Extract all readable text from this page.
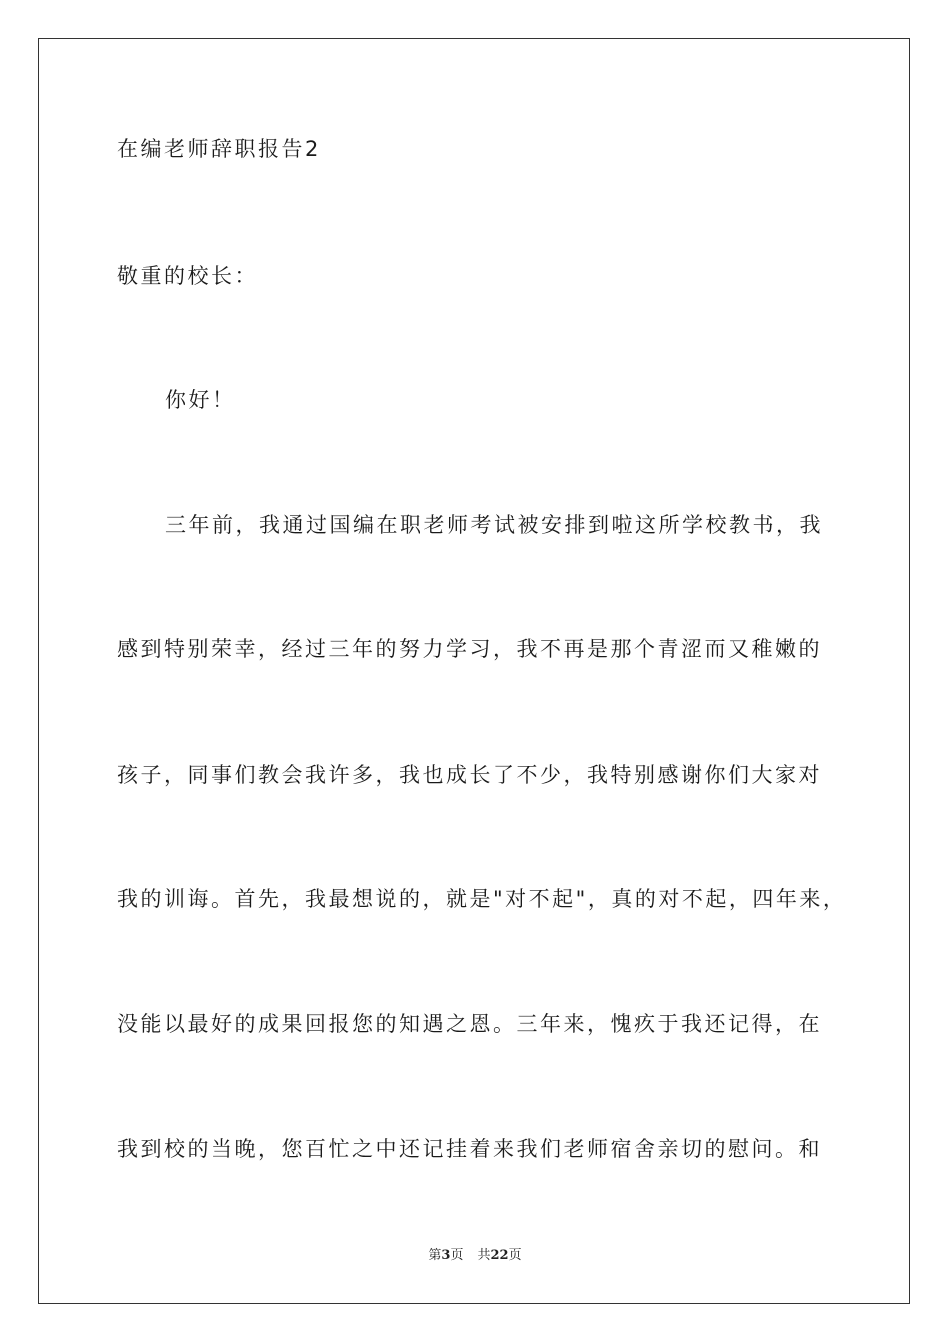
在编老师辞职报告2
敬重的校长：
你好！
三年前，我通过国编在职老师考试被安排到啦这所学校教书，我
感到特别荣幸，经过三年的努力学习，我不再是那个青涩而又稚嫩的
孩子，同事们教会我许多，我也成长了不少，我特别感谢你们大家对
我的训诲。首先，我最想说的，就是"对不起"，真的对不起，四年来，
没能以最好的成果回报您的知遇之恩。三年来，愧疚于我还记得，在
我到校的当晚，您百忙之中还记挂着来我们老师宿舍亲切的慰问。和
第3页 共22页
